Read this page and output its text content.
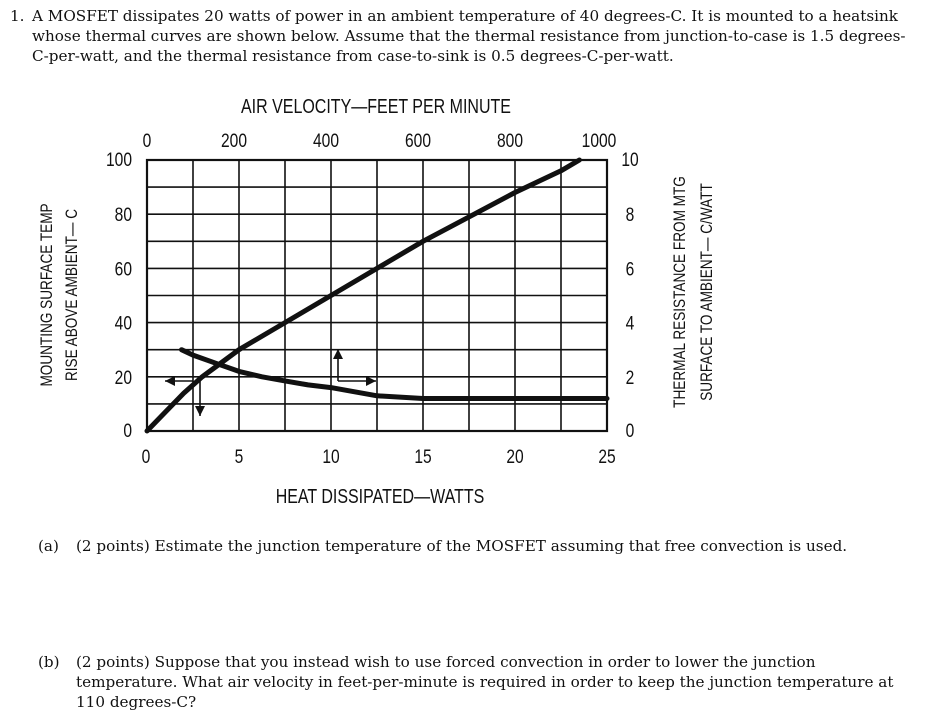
1. A MOSFET dissipates 20 watts of power in an ambient temperature of 40 degrees-C. It is mounted to a heatsink whose thermal curves are shown below. Assume that the thermal resistance from junction-to-case is 1.5 degrees-C-per-watt, and the thermal resistance from case-to-sink is 0.5 degrees-C-per-watt.
AIR VELOCITY—FEET PER MINUTE
HEAT DISSIPATED—WATTS
MOUNTING SURFACE TEMP RISE ABOVE AMBIENT— C	THERMAL RESISTANCE FROM MTG SURFACE TO AMBIENT— C/WATT
0	5	10	15	20	25
0	200	400	600	800	1000
0
20
40
60
80
100
0
2
4
6
8
10
(a) (2 points) Estimate the junction temperature of the MOSFET assuming that free convection is used.
(b) (2 points) Suppose that you instead wish to use forced convection in order to lower the junction temperature. What air velocity in feet-per-minute is required in order to keep the junction temperature at 110 degrees-C?
